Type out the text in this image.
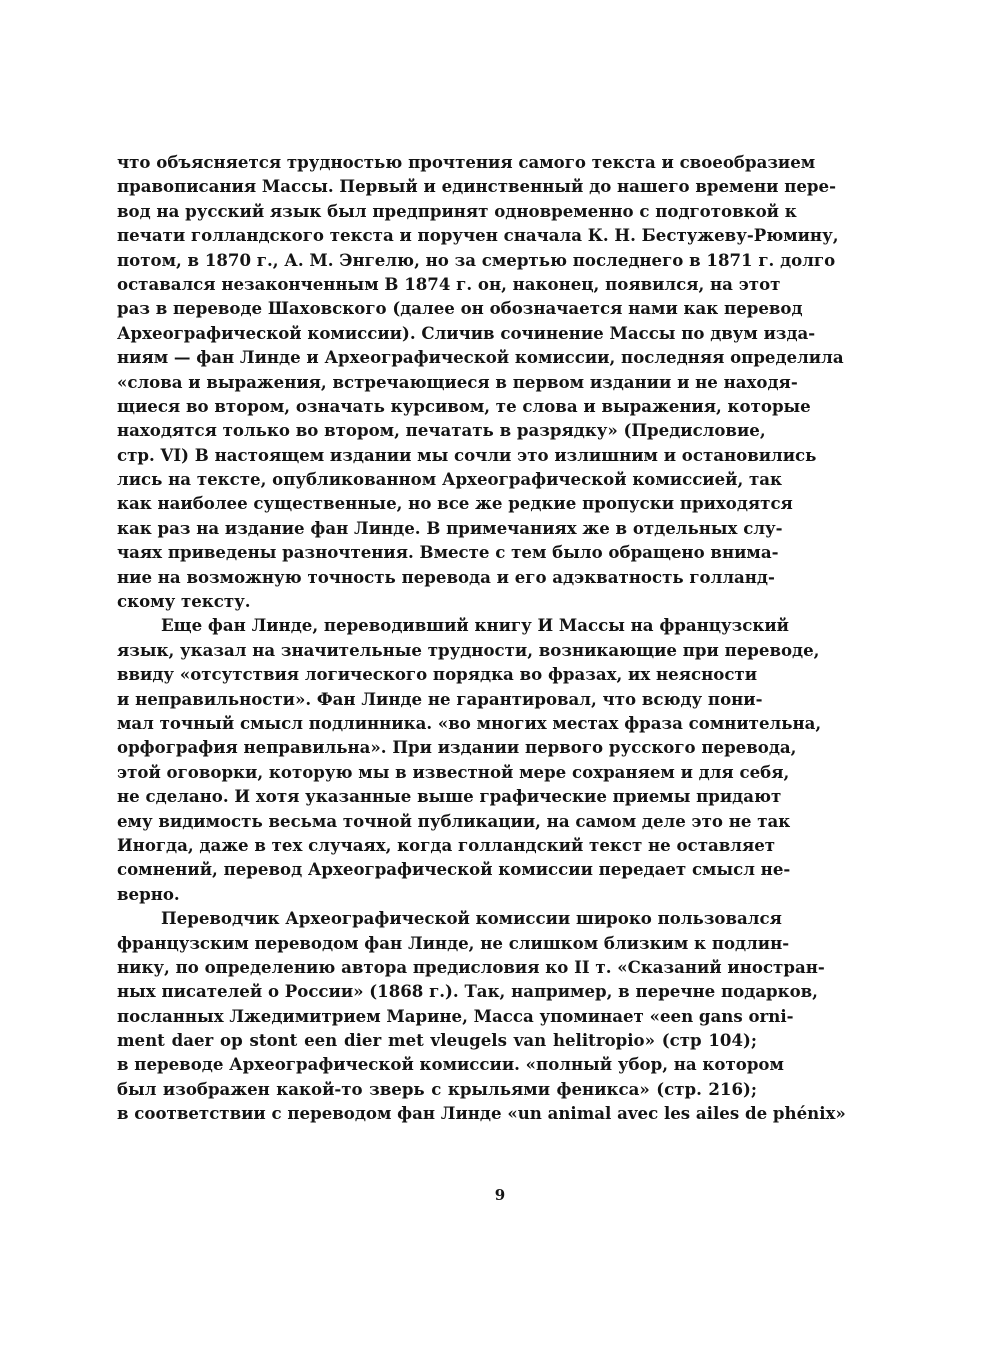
что объясняется трудностью прочтения самого текста и своеобразием
правописания Массы. Первый и единственный до нашего времени пере-
вод на русский язык был предпринят одновременно с подготовкой к
печати голландского текста и поручен сначала К. Н. Бестужеву-Рюмину,
потом, в 1870 г., А. М. Энгелю, но за смертью последнего в 1871 г. долго
оставался незаконченным В 1874 г. он, наконец, появился, на этот
раз в переводе Шаховского (далее он обозначается нами как перевод
Археографической комиссии). Сличив сочинение Массы по двум изда-
ниям — фан Линде и Археографической комиссии, последняя определила
«слова и выражения, встречающиеся в первом издании и не находя-
щиеся во втором, означать курсивом, те слова и выражения, которые
находятся только во втором, печатать в разрядку» (Предисловие,
стр. VI) В настоящем издании мы сочли это излишним и остановились
лись на тексте, опубликованном Археографической комиссией, так
как наиболее существенные, но все же редкие пропуски приходятся
как раз на издание фан Линде. В примечаниях же в отдельных слу-
чаях приведены разночтения. Вместе с тем было обращено внима-
ние на возможную точность перевода и его адэкватность голланд-
скому тексту.
Еще фан Линде, переводивший книгу И Массы на французский
язык, указал на значительные трудности, возникающие при переводе,
ввиду «отсутствия логического порядка во фразах, их неясности
и неправильности». Фан Линде не гарантировал, что всюду пони-
мал точный смысл подлинника. «во многих местах фраза сомнительна,
орфография неправильна». При издании первого русского перевода,
этой оговорки, которую мы в известной мере сохраняем и для себя,
не сделано. И хотя указанные выше графические приемы придают
ему видимость весьма точной публикации, на самом деле это не так
Иногда, даже в тех случаях, когда голландский текст не оставляет
сомнений, перевод Археографической комиссии передает смысл не-
верно.
Переводчик Археографической комиссии широко пользовался
французским переводом фан Линде, не слишком близким к подлин-
нику, по определению автора предисловия ко II т. «Сказаний иностран-
ных писателей о России» (1868 г.). Так, например, в перечне подарков,
посланных Лжедимитрием Марине, Масса упоминает «een gans orni-
ment daer op stont een dier met vleugels van helitropio» (стр 104);
в переводе Археографической комиссии. «полный убор, на котором
был изображен какой-то зверь с крыльями феникса» (стр. 216);
в соответствии с переводом фан Линде «un animal avec les ailes de phénix»
9
